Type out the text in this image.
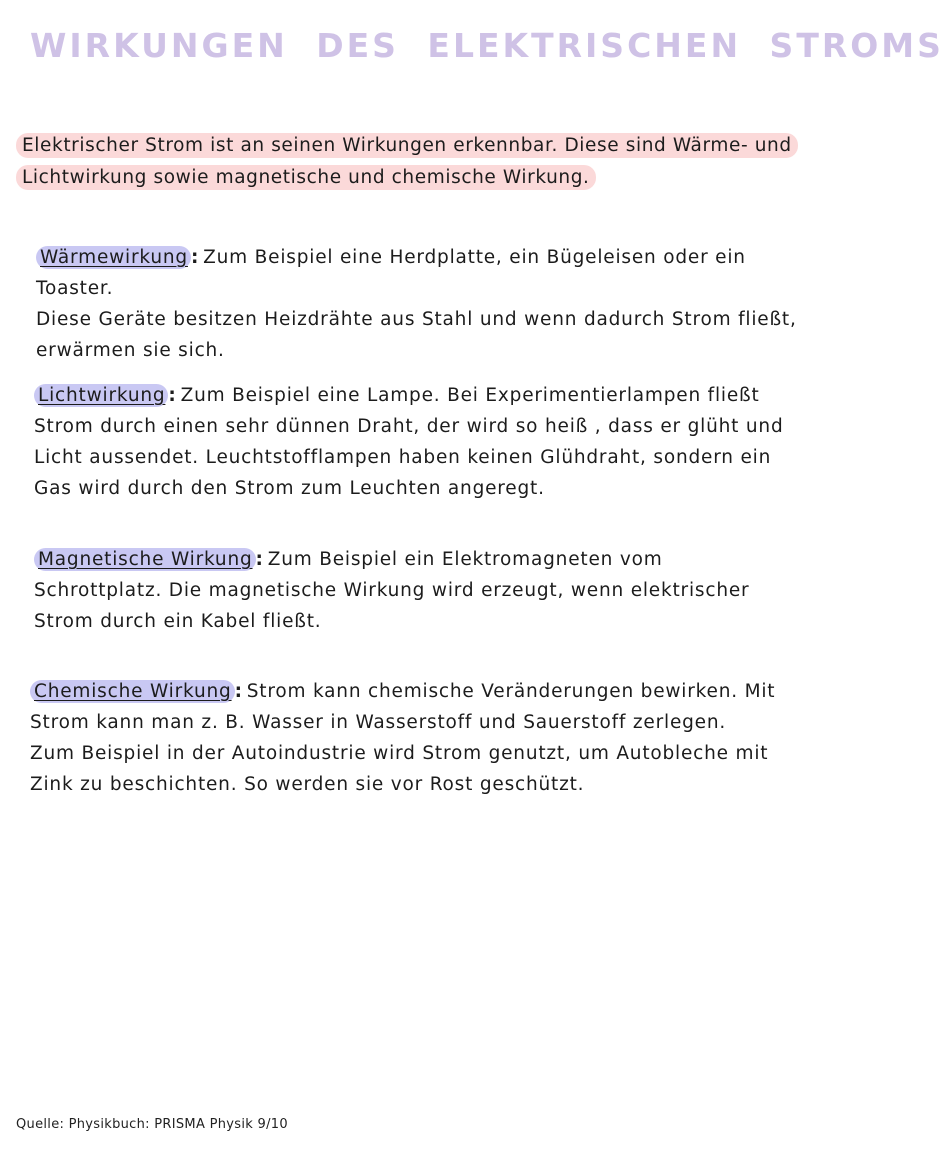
WIRKUNGEN DES ELEKTRISCHEN STROMS
Elektrischer Strom ist an seinen Wirkungen erkennbar. Diese sind Wärme- und
Lichtwirkung sowie magnetische und chemische Wirkung.
Wärmewirkung : Zum Beispiel eine Herdplatte, ein Bügeleisen oder ein Toaster.
Diese Geräte besitzen Heizdrähte aus Stahl und wenn dadurch Strom fließt,
erwärmen sie sich.
Lichtwirkung : Zum Beispiel eine Lampe. Bei Experimentierlampen fließt
Strom durch einen sehr dünnen Draht, der wird so heiß , dass er glüht und
Licht aussendet. Leuchtstofflampen haben keinen Glühdraht, sondern ein
Gas wird durch den Strom zum Leuchten angeregt.
Magnetische Wirkung : Zum Beispiel ein Elektromagneten vom
Schrottplatz. Die magnetische Wirkung wird erzeugt, wenn elektrischer
Strom durch ein Kabel fließt.
Chemische Wirkung : Strom kann chemische Veränderungen bewirken. Mit
Strom kann man z. B. Wasser in Wasserstoff und Sauerstoff zerlegen.
Zum Beispiel in der Autoindustrie wird Strom genutzt, um Autobleche mit
Zink zu beschichten. So werden sie vor Rost geschützt.
Quelle: Physikbuch: PRISMA Physik 9/10
